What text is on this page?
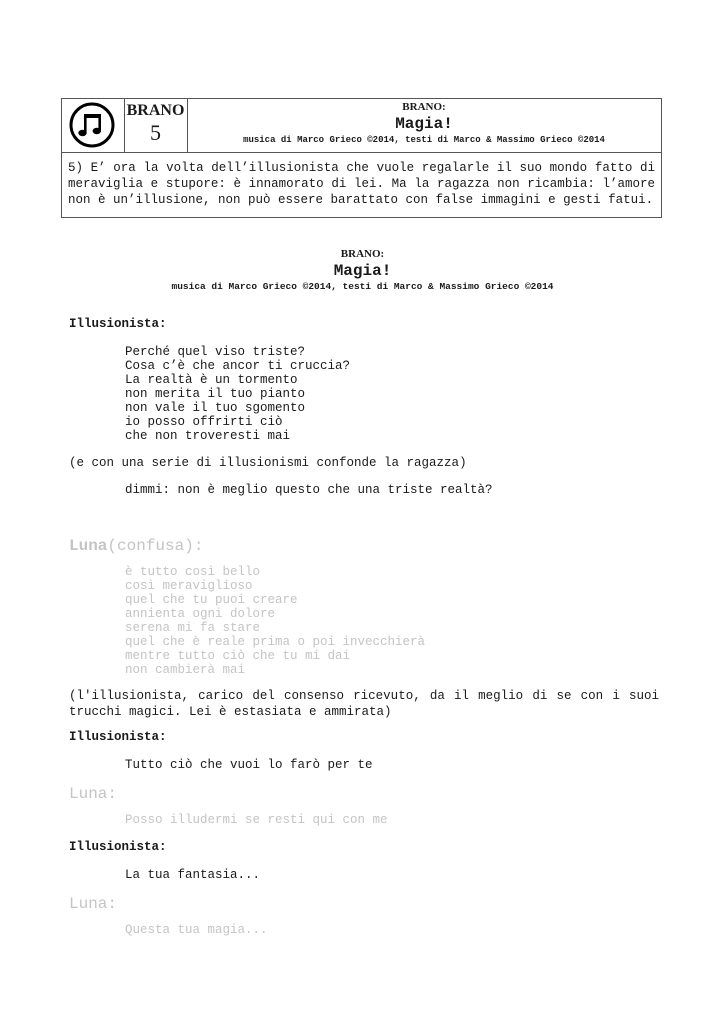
BRANO
5
BRANO:
Magia!
musica di Marco Grieco ©2014, testi di Marco & Massimo Grieco ©2014
5) E’ ora la volta dell’illusionista che vuole regalarle il suo mondo fatto di meraviglia e stupore: è innamorato di lei. Ma la ragazza non ricambia: l’amore non è un’illusione, non può essere barattato con false immagini e gesti fatui.
BRANO:
Magia!
musica di Marco Grieco ©2014, testi di Marco & Massimo Grieco ©2014
Illusionista:
Perché quel viso triste?
Cosa c’è che ancor ti cruccia?
La realtà è un tormento
non merita il tuo pianto
non vale il tuo sgomento
io posso offrirti ciò
che non troveresti mai
(e con una serie di illusionismi confonde la ragazza)
dimmi: non è meglio questo che una triste realtà?
Luna(confusa):
è tutto così bello
così meraviglioso
quel che tu puoi creare
annienta ogni dolore
serena mi fa stare
quel che è reale prima o poi invecchierà
mentre tutto ciò che tu mi dai
non cambierà mai
(l'illusionista, carico del consenso ricevuto, da il meglio di se con i suoi trucchi magici. Lei è estasiata e ammirata)
Illusionista:
Tutto ciò che vuoi lo farò per te
Luna:
Posso illudermi se resti qui con me
Illusionista:
La tua fantasia...
Luna:
Questa tua magia...
